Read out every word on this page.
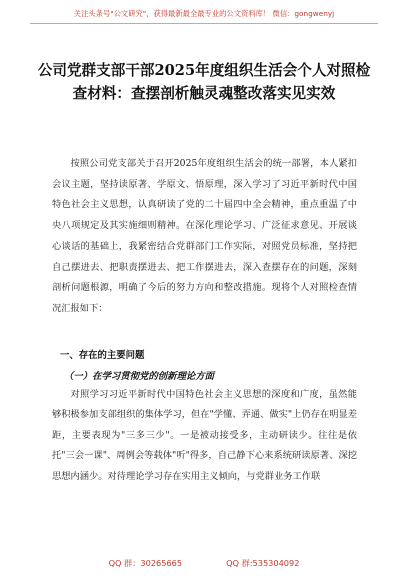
关注头条号"公文研究"，获得最新最全最专业的公文资料库！ 微信：gongwenyj
公司党群支部干部2025年度组织生活会个人对照检查材料：查摆剖析触灵魂整改落实见实效

按照公司党支部关于召开2025年度组织生活会的统一部署，本人紧扣会议主题，坚持读原著、学原文、悟原理，深入学习了习近平新时代中国特色社会主义思想，认真研读了党的二十届四中全会精神，重点重温了中央八项规定及其实施细则精神。在深化理论学习、广泛征求意见、开展谈心谈话的基础上，我紧密结合党群部门工作实际，对照党员标准，坚持把自己摆进去、把职责摆进去、把工作摆进去，深入查摆存在的问题，深刻剖析问题根源，明确了今后的努力方向和整改措施。现将个人对照检查情况汇报如下：

一、存在的主要问题
（一）在学习贯彻党的创新理论方面

对照学习习近平新时代中国特色社会主义思想的深度和广度，虽然能够积极参加支部组织的集体学习，但在"学懂、弄通、做实"上仍存在明显差距，主要表现为"三多三少"。一是被动接受多，主动研读少。往往是依托"三会一课"、周例会等载体"听"得多，自己静下心来系统研读原著、深挖思想内涵少。对待理论学习存在实用主义倾向，与党群业务工作联

QQ 群：30265665	QQ 群:535304092
